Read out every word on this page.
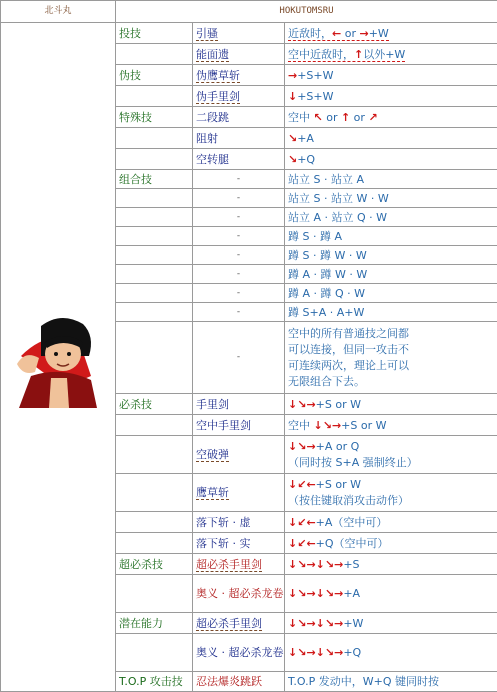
北斗丸	HOKUTOMSRU		

	投技	引骚	近敌时，← or →+W
		能面遗	空中近敌时，↑以外+W
	伪技	伪鹰草斩	→+S+W
		伪手里剑	↓+S+W
	特殊技	二段跳	空中 ↖ or ↑ or ↗
		阻射	↘+A
		空转腿	↘+Q
	组合技	-	站立 S · 站立 A
		-	站立 S · 站立 W · W
		-	站立 A · 站立 Q · W
		-	蹲 S · 蹲 A
		-	蹲 S · 蹲 W · W
		-	蹲 A · 蹲 W · W
		-	蹲 A · 蹲 Q · W
		-	蹲 S+A · A+W
		-	空中的所有普通技之间都
可以连接，但同一攻击不
可连续两次，理论上可以
无限组合下去。

	必杀技	手里剑	↓↘→+S or W
		空中手里剑	空中 ↓↘→+S or W
		空破弹	↓↘→+A or Q
（同时按 S+A 强制终止）

		鹰草斩	↓↙←+S or W
（按住键取消攻击动作）

		落下斩 · 虚	↓↙←+A（空中可）
		落下斩 · 实	↓↙←+Q（空中可）
	超必杀技	超必杀手里剑	↓↘→↓↘→+S
		奥义 · 超必杀龙卷	↓↘→↓↘→+A
	潜在能力	超必杀手里剑	↓↘→↓↘→+W
		奥义 · 超必杀龙卷	↓↘→↓↘→+Q
	T.O.P 攻击技	忍法爆炎跳跃	T.O.P 发动中，W+Q 键同时按
